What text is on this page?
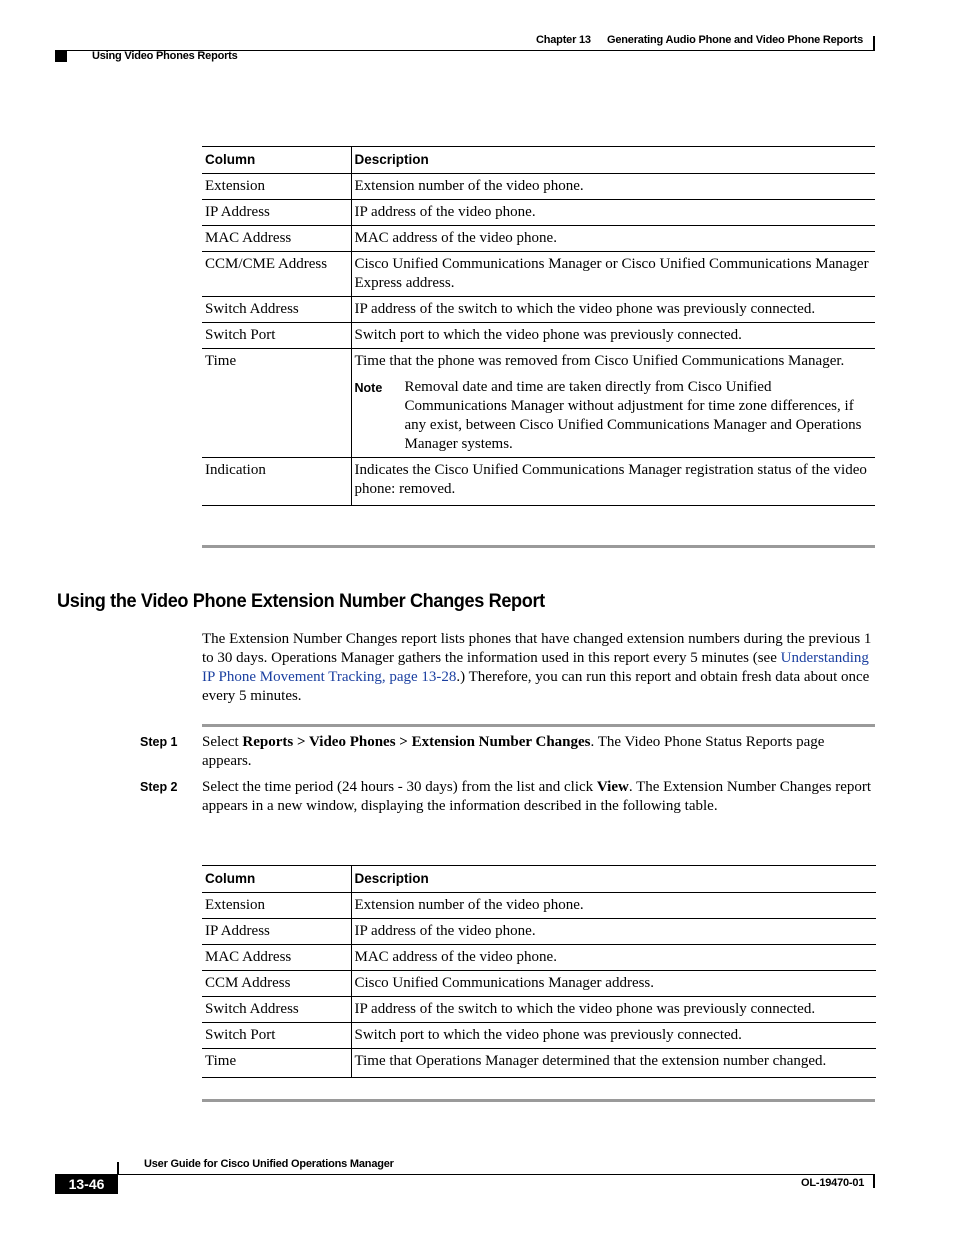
Chapter 13 Generating Audio Phone and Video Phone Reports
Using Video Phones Reports
Column	Description
Extension	Extension number of the video phone.
IP Address	IP address of the video phone.
MAC Address	MAC address of the video phone.
CCM/CME Address	Cisco Unified Communications Manager or Cisco Unified Communications Manager Express address.
Switch Address	IP address of the switch to which the video phone was previously connected.
Switch Port	Switch port to which the video phone was previously connected.
Time	Time that the phone was removed from Cisco Unified Communications Manager.
Note Removal date and time are taken directly from Cisco Unified Communications Manager without adjustment for time zone differences, if any exist, between Cisco Unified Communications Manager and Operations Manager systems.

Indication	Indicates the Cisco Unified Communications Manager registration status of the video phone: removed.
Using the Video Phone Extension Number Changes Report
The Extension Number Changes report lists phones that have changed extension numbers during the previous 1 to 30 days. Operations Manager gathers the information used in this report every 5 minutes (see Understanding IP Phone Movement Tracking, page 13-28.) Therefore, you can run this report and obtain fresh data about once every 5 minutes.
Step 1 Select Reports > Video Phones > Extension Number Changes. The Video Phone Status Reports page appears.
Step 2 Select the time period (24 hours - 30 days) from the list and click View. The Extension Number Changes report appears in a new window, displaying the information described in the following table.
Column	Description
Extension	Extension number of the video phone.
IP Address	IP address of the video phone.
MAC Address	MAC address of the video phone.
CCM Address	Cisco Unified Communications Manager address.
Switch Address	IP address of the switch to which the video phone was previously connected.
Switch Port	Switch port to which the video phone was previously connected.
Time	Time that Operations Manager determined that the extension number changed.
User Guide for Cisco Unified Operations Manager
13-46	OL-19470-01
